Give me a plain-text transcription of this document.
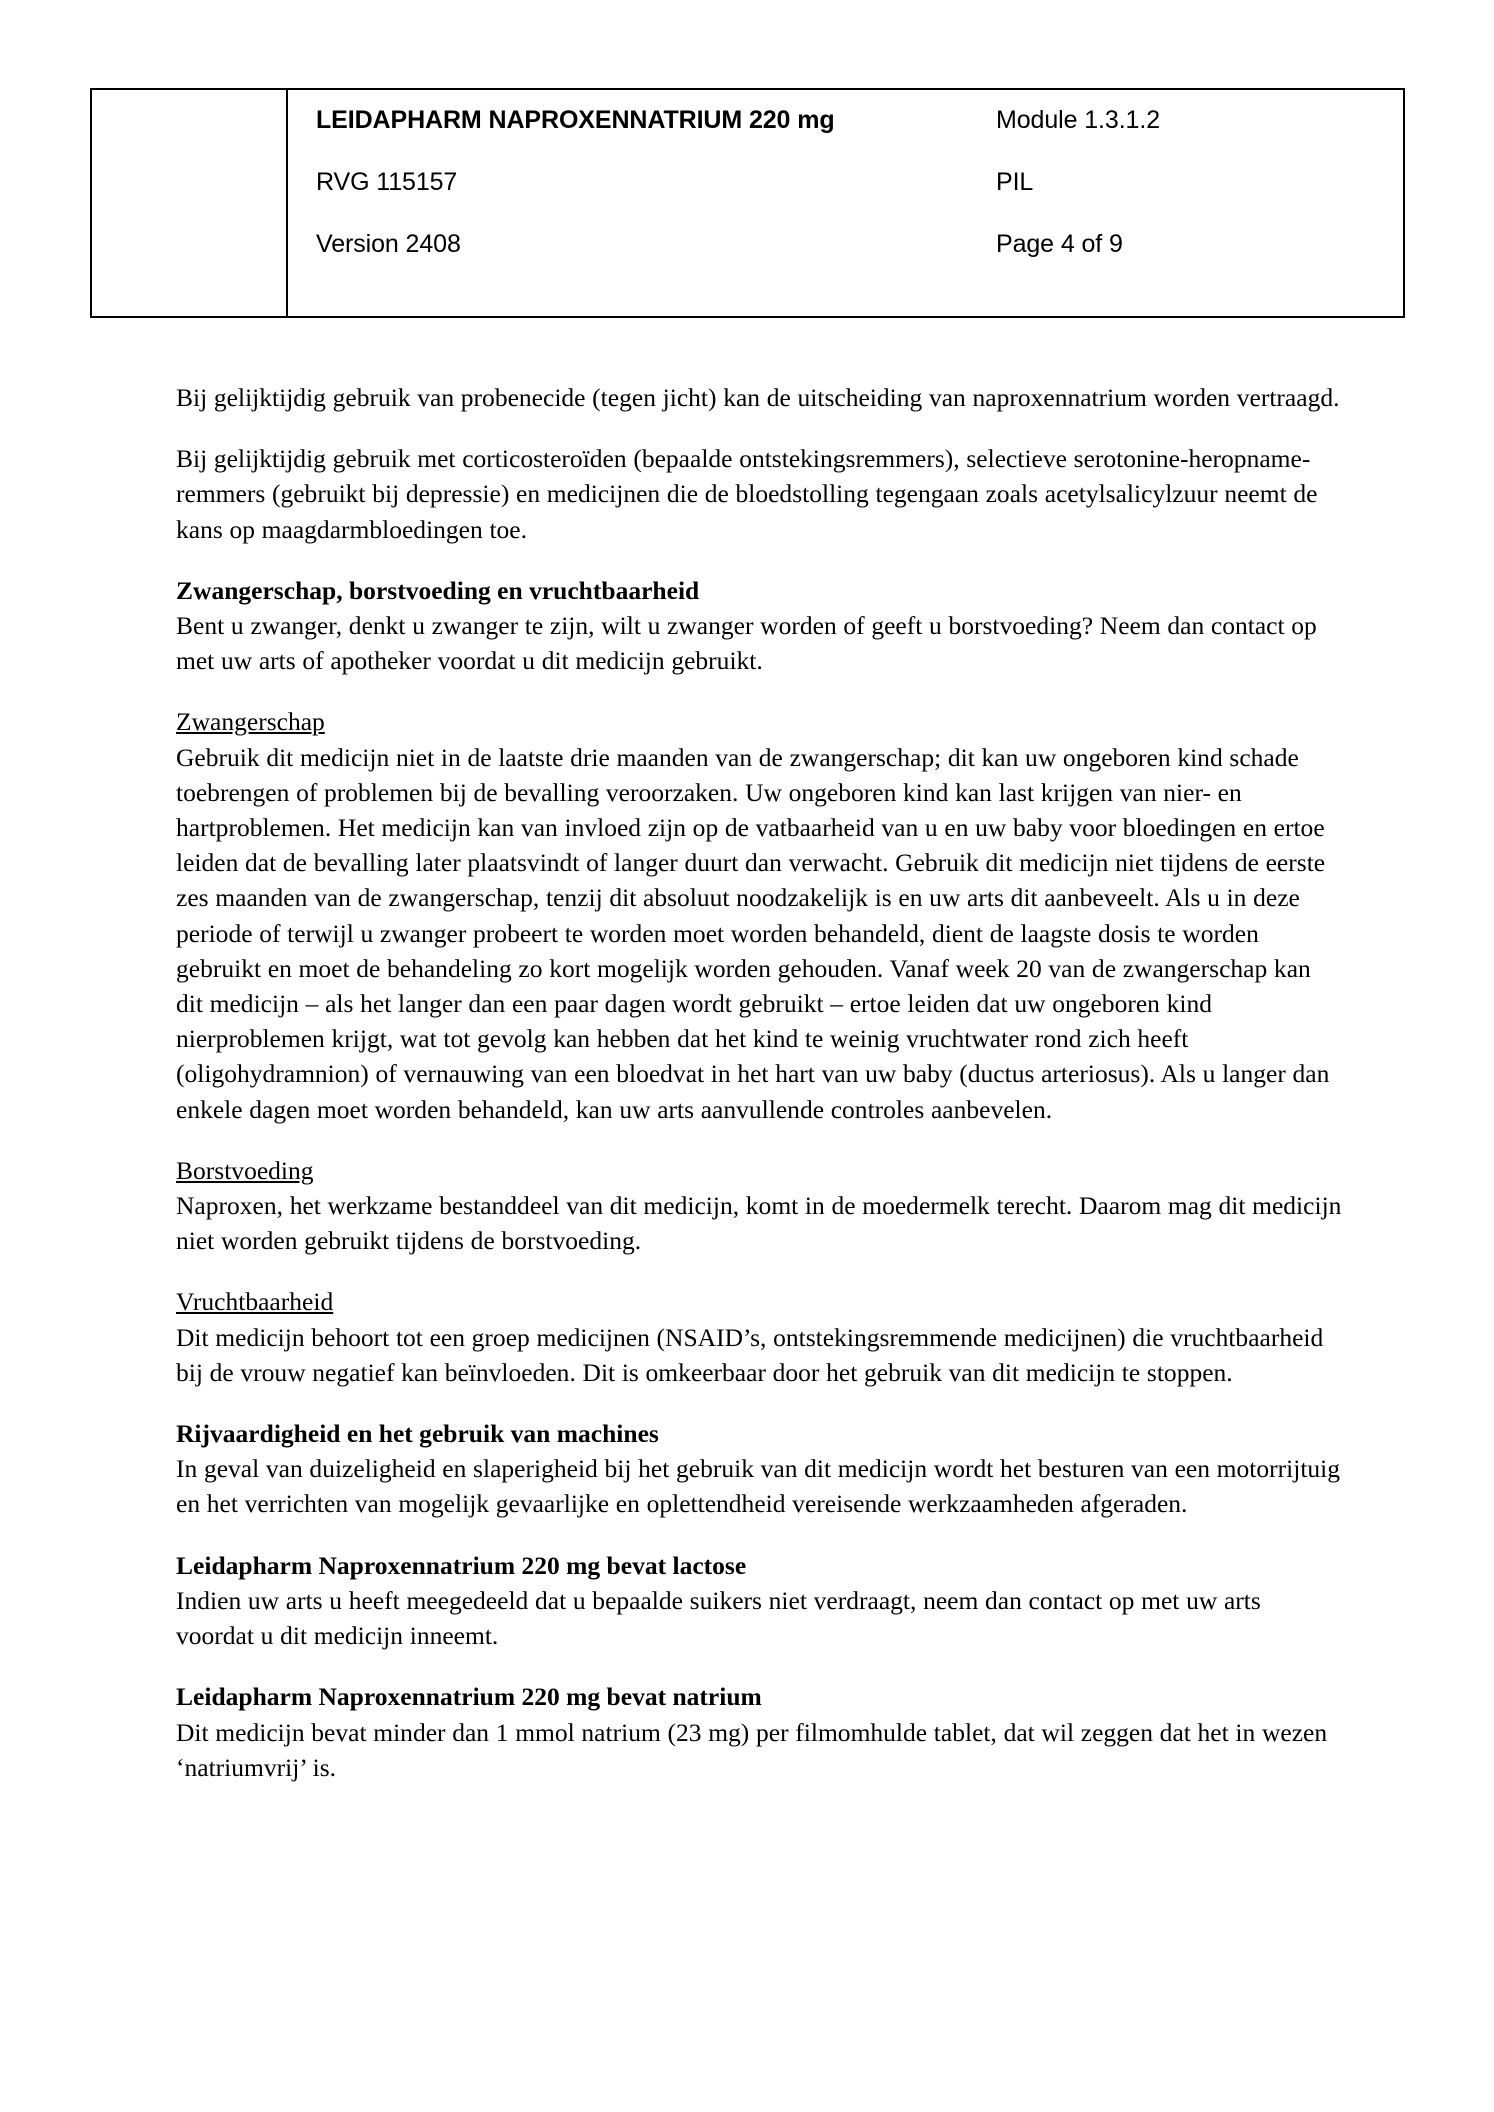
LEIDAPHARM NAPROXENNATRIUM 220 mg	Module 1.3.1.2
RVG 115157	PIL
Version 2408	Page 4 of 9

Bij gelijktijdig gebruik van probenecide (tegen jicht) kan de uitscheiding van naproxennatrium worden vertraagd.

Bij gelijktijdig gebruik met corticosteroïden (bepaalde ontstekingsremmers), selectieve serotonine-heropname-remmers (gebruikt bij depressie) en medicijnen die de bloedstolling tegengaan zoals acetylsalicylzuur neemt de kans op maagdarmbloedingen toe.

Zwangerschap, borstvoeding en vruchtbaarheid

Bent u zwanger, denkt u zwanger te zijn, wilt u zwanger worden of geeft u borstvoeding? Neem dan contact op met uw arts of apotheker voordat u dit medicijn gebruikt.

Zwangerschap

Gebruik dit medicijn niet in de laatste drie maanden van de zwangerschap; dit kan uw ongeboren kind schade toebrengen of problemen bij de bevalling veroorzaken. Uw ongeboren kind kan last krijgen van nier- en hartproblemen. Het medicijn kan van invloed zijn op de vatbaarheid van u en uw baby voor bloedingen en ertoe leiden dat de bevalling later plaatsvindt of langer duurt dan verwacht. Gebruik dit medicijn niet tijdens de eerste zes maanden van de zwangerschap, tenzij dit absoluut noodzakelijk is en uw arts dit aanbeveelt. Als u in deze periode of terwijl u zwanger probeert te worden moet worden behandeld, dient de laagste dosis te worden gebruikt en moet de behandeling zo kort mogelijk worden gehouden. Vanaf week 20 van de zwangerschap kan dit medicijn – als het langer dan een paar dagen wordt gebruikt – ertoe leiden dat uw ongeboren kind nierproblemen krijgt, wat tot gevolg kan hebben dat het kind te weinig vruchtwater rond zich heeft (oligohydramnion) of vernauwing van een bloedvat in het hart van uw baby (ductus arteriosus). Als u langer dan enkele dagen moet worden behandeld, kan uw arts aanvullende controles aanbevelen.

Borstvoeding

Naproxen, het werkzame bestanddeel van dit medicijn, komt in de moedermelk terecht. Daarom mag dit medicijn niet worden gebruikt tijdens de borstvoeding.

Vruchtbaarheid

Dit medicijn behoort tot een groep medicijnen (NSAID’s, ontstekingsremmende medicijnen) die vruchtbaarheid bij de vrouw negatief kan beïnvloeden. Dit is omkeerbaar door het gebruik van dit medicijn te stoppen.

Rijvaardigheid en het gebruik van machines

In geval van duizeligheid en slaperigheid bij het gebruik van dit medicijn wordt het besturen van een motorrijtuig en het verrichten van mogelijk gevaarlijke en oplettendheid vereisende werkzaamheden afgeraden.

Leidapharm Naproxennatrium 220 mg bevat lactose

Indien uw arts u heeft meegedeeld dat u bepaalde suikers niet verdraagt, neem dan contact op met uw arts voordat u dit medicijn inneemt.

Leidapharm Naproxennatrium 220 mg bevat natrium

Dit medicijn bevat minder dan 1 mmol natrium (23 mg) per filmomhulde tablet, dat wil zeggen dat het in wezen ‘natriumvrij’ is.
